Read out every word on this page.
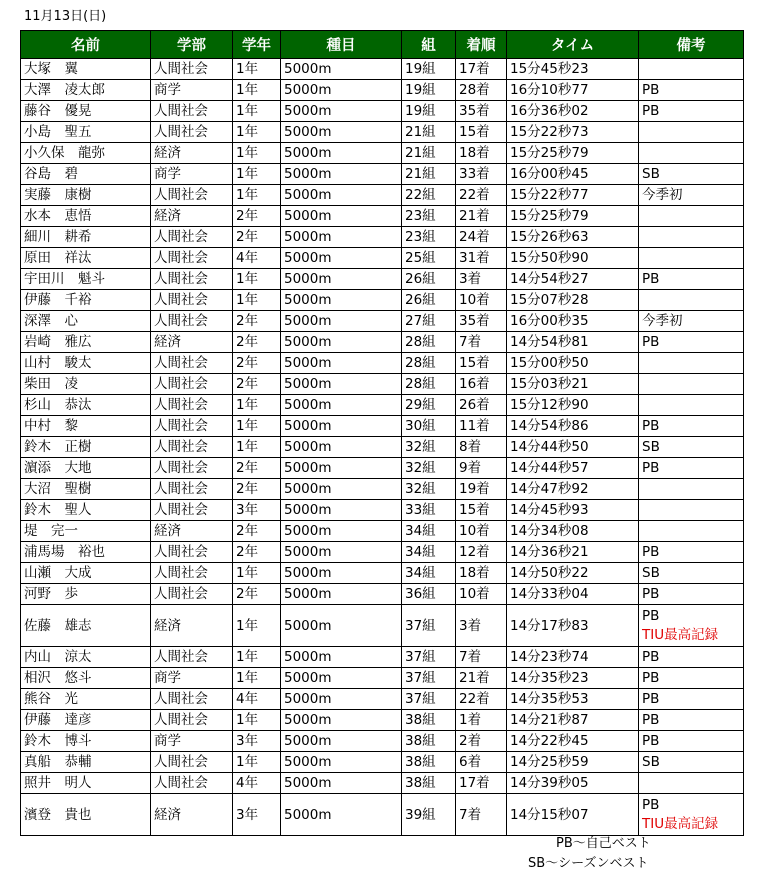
11月13日(日)
名前	学部	学年	種目	組	着順	タイム	備考
大塚　翼	人間社会	1年	5000m	19組	17着	15分45秒23	

大澤　凌太郎	商学	1年	5000m	19組	28着	16分10秒77	PB

藤谷　優晃	人間社会	1年	5000m	19組	35着	16分36秒02	PB

小島　聖五	人間社会	1年	5000m	21組	15着	15分22秒73	

小久保　龍弥	経済	1年	5000m	21組	18着	15分25秒79	

谷島　碧	商学	1年	5000m	21組	33着	16分00秒45	SB

実藤　康樹	人間社会	1年	5000m	22組	22着	15分22秒77	今季初

水本　恵悟	経済	2年	5000m	23組	21着	15分25秒79	

細川　耕希	人間社会	2年	5000m	23組	24着	15分26秒63	

原田　祥汰	人間社会	4年	5000m	25組	31着	15分50秒90	

宇田川　魁斗	人間社会	1年	5000m	26組	3着	14分54秒27	PB

伊藤　千裕	人間社会	1年	5000m	26組	10着	15分07秒28	

深澤　心	人間社会	2年	5000m	27組	35着	16分00秒35	今季初

岩崎　雅広	経済	2年	5000m	28組	7着	14分54秒81	PB

山村　駿太	人間社会	2年	5000m	28組	15着	15分00秒50	

柴田　凌	人間社会	2年	5000m	28組	16着	15分03秒21	

杉山　恭汰	人間社会	1年	5000m	29組	26着	15分12秒90	

中村　黎	人間社会	1年	5000m	30組	11着	14分54秒86	PB

鈴木　正樹	人間社会	1年	5000m	32組	8着	14分44秒50	SB

濵添　大地	人間社会	2年	5000m	32組	9着	14分44秒57	PB

大沼　聖樹	人間社会	2年	5000m	32組	19着	14分47秒92	

鈴木　聖人	人間社会	3年	5000m	33組	15着	14分45秒93	

堤　完一	経済	2年	5000m	34組	10着	14分34秒08	

浦馬場　裕也	人間社会	2年	5000m	34組	12着	14分36秒21	PB

山瀬　大成	人間社会	1年	5000m	34組	18着	14分50秒22	SB

河野　歩	人間社会	2年	5000m	36組	10着	14分33秒04	PB

佐藤　雄志	経済	1年	5000m	37組	3着	14分17秒83	PB
TIU最高記録

内山　涼太	人間社会	1年	5000m	37組	7着	14分23秒74	PB

相沢　悠斗	商学	1年	5000m	37組	21着	14分35秒23	PB

熊谷　光	人間社会	4年	5000m	37組	22着	14分35秒53	PB

伊藤　達彦	人間社会	1年	5000m	38組	1着	14分21秒87	PB

鈴木　博斗	商学	3年	5000m	38組	2着	14分22秒45	PB

真船　恭輔	人間社会	1年	5000m	38組	6着	14分25秒59	SB

照井　明人	人間社会	4年	5000m	38組	17着	14分39秒05	

濱登　貴也	経済	3年	5000m	39組	7着	14分15秒07	PB
TIU最高記録
PB～自己ベスト
SB～シーズンベスト
